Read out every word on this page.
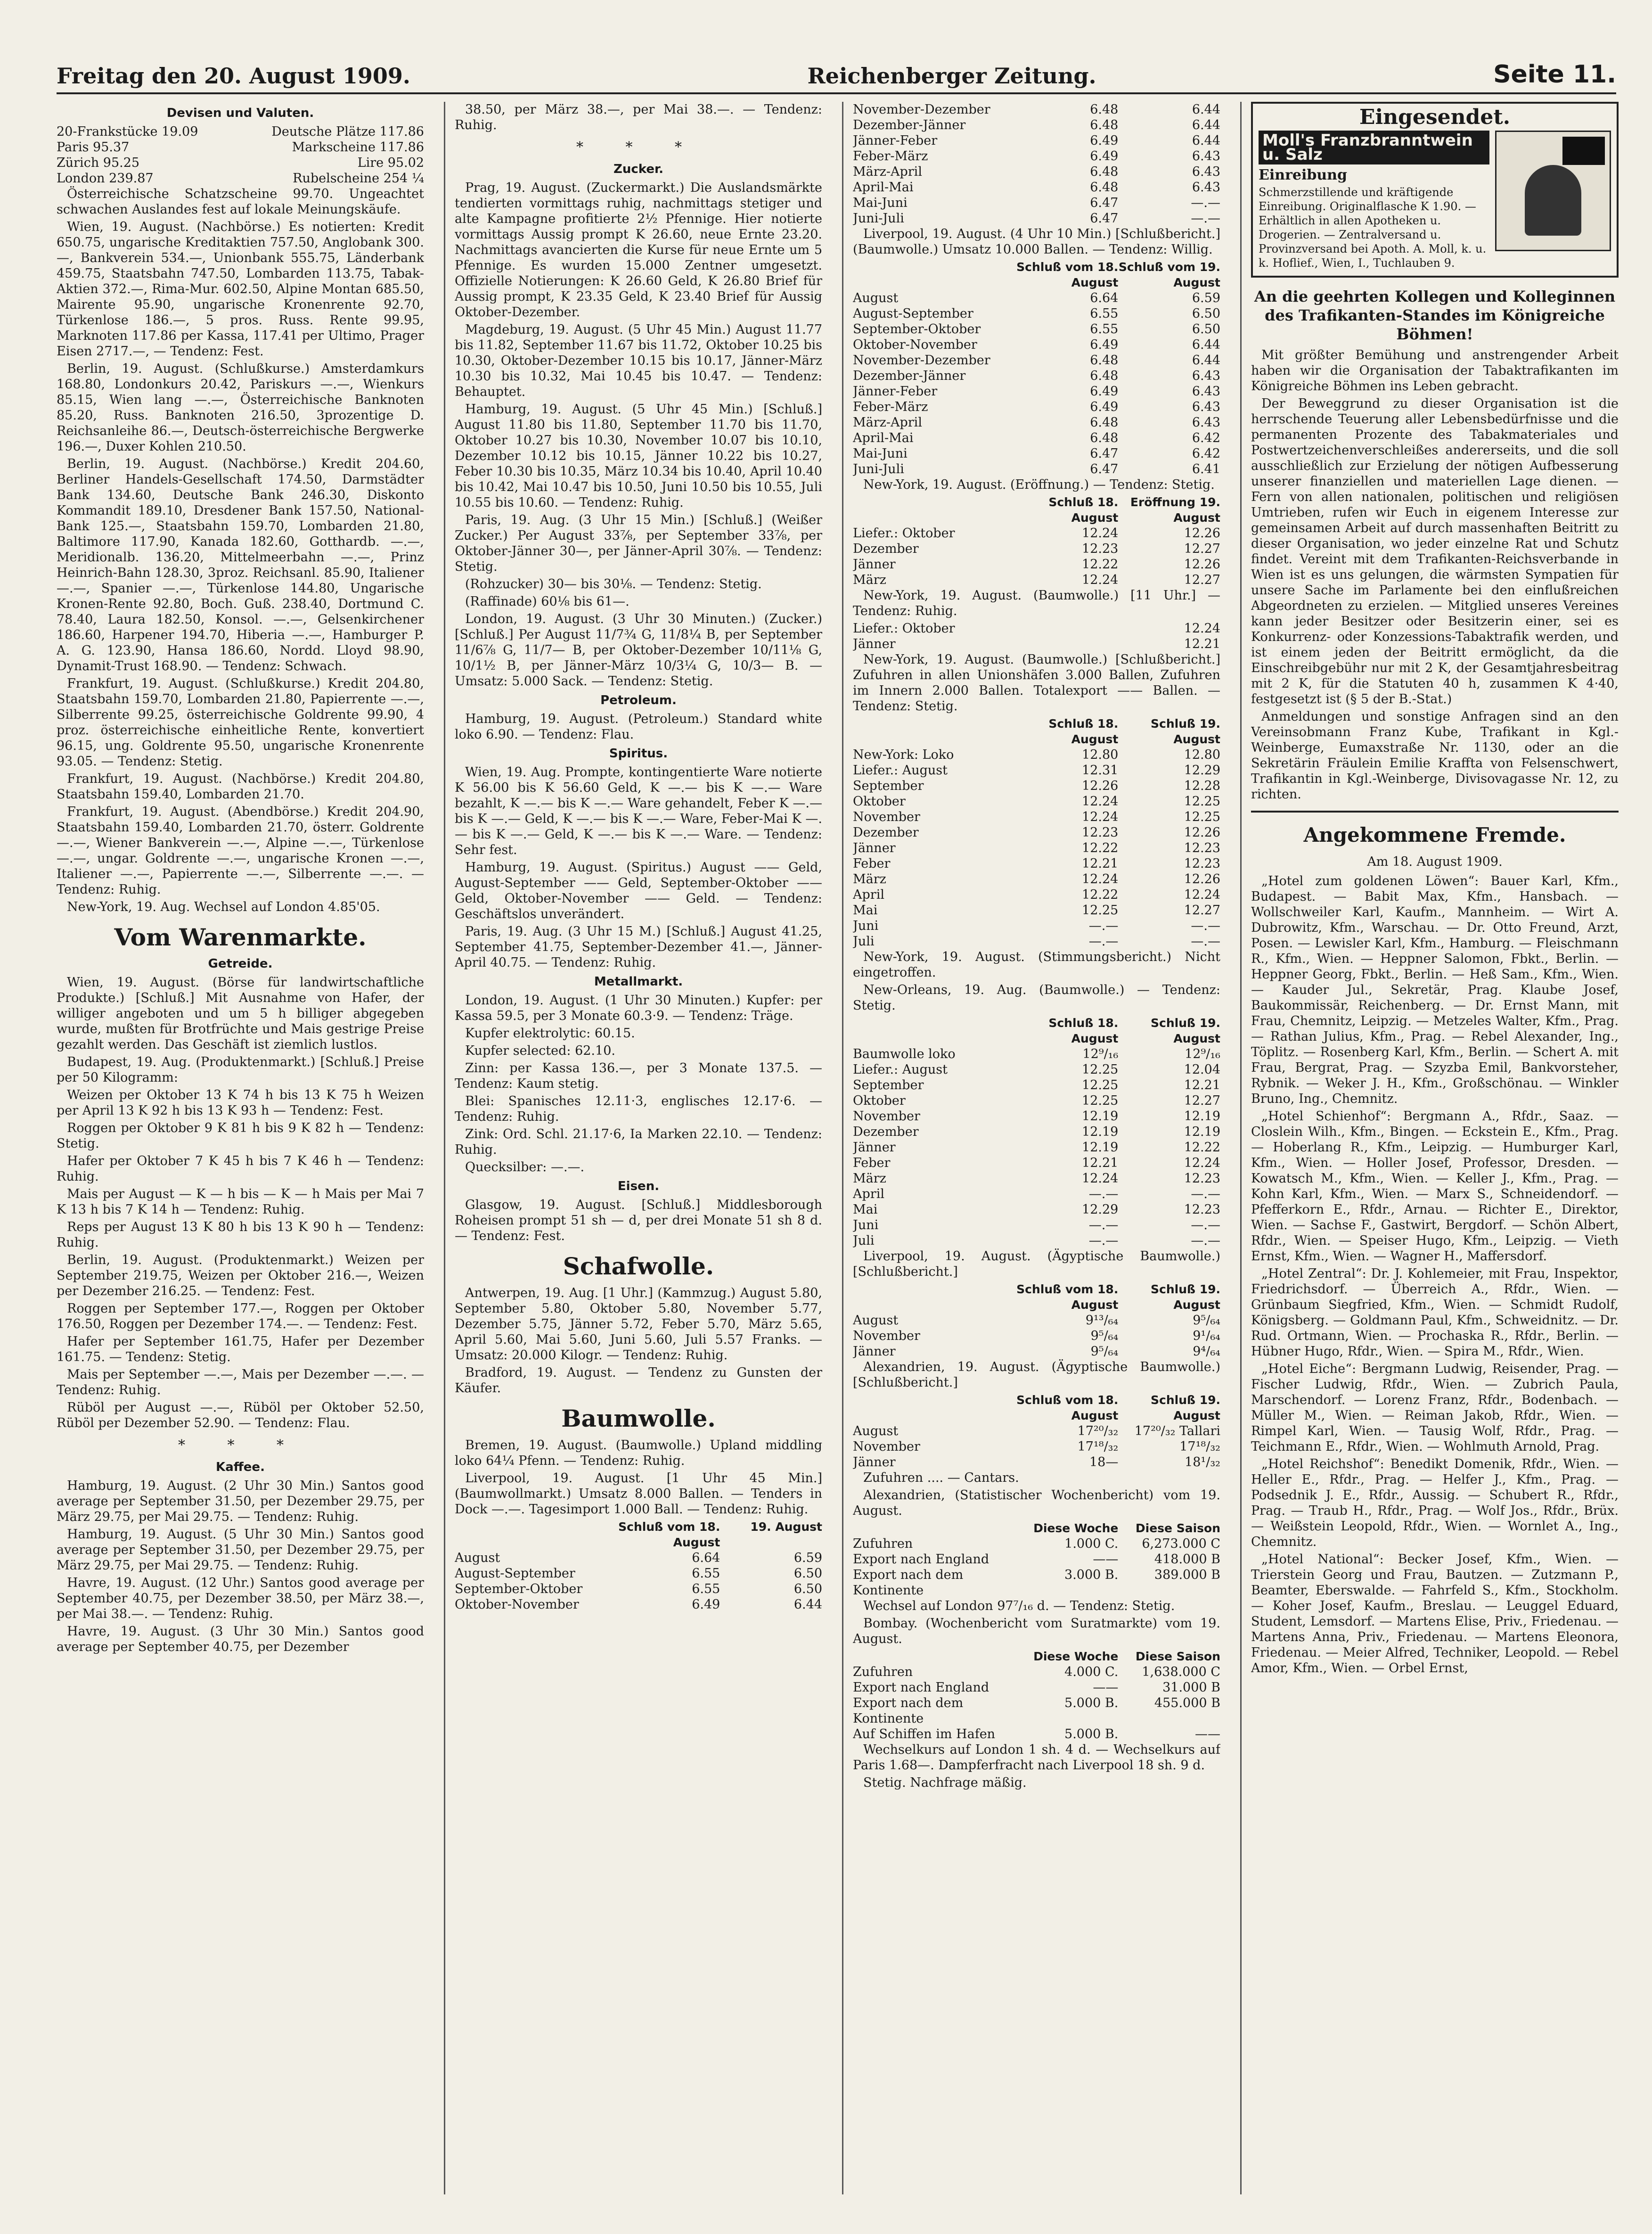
Freitag den 20. August 1909.	Reichenberger Zeitung.	Seite 11.
Devisen und Valuten.
20-Frankstücke 19.09	Deutsche Plätze 117.86
Paris 95.37	Markscheine 117.86
Zürich 95.25	Lire 95.02
London 239.87	Rubelscheine 254 ¼

Österreichische Schatzscheine 99.70. Ungeachtet schwachen Auslandes fest auf lokale Meinungskäufe.

Wien, 19. August. (Nachbörse.) Es notierten: Kredit 650.75, ungarische Kreditaktien 757.50, Anglobank 300.—, Bankverein 534.—, Unionbank 555.75, Länderbank 459.75, Staatsbahn 747.50, Lombarden 113.75, Tabak-Aktien 372.—, Rima-Mur. 602.50, Alpine Montan 685.50, Mairente 95.90, ungarische Kronenrente 92.70, Türkenlose 186.—, 5 pros. Russ. Rente 99.95, Marknoten 117.86 per Kassa, 117.41 per Ultimo, Prager Eisen 2717.—, — Tendenz: Fest.

Berlin, 19. August. (Schlußkurse.) Amsterdamkurs 168.80, Londonkurs 20.42, Pariskurs —.—, Wienkurs 85.15, Wien lang —.—, Österreichische Banknoten 85.20, Russ. Banknoten 216.50, 3prozentige D. Reichsanleihe 86.—, Deutsch-österreichische Bergwerke 196.—, Duxer Kohlen 210.50.

Berlin, 19. August. (Nachbörse.) Kredit 204.60, Berliner Handels-Gesellschaft 174.50, Darmstädter Bank 134.60, Deutsche Bank 246.30, Diskonto Kommandit 189.10, Dresdener Bank 157.50, National-Bank 125.—, Staatsbahn 159.70, Lombarden 21.80, Baltimore 117.90, Kanada 182.60, Gotthardb. —.—, Meridionalb. 136.20, Mittelmeerbahn —.—, Prinz Heinrich-Bahn 128.30, 3proz. Reichsanl. 85.90, Italiener —.—, Spanier —.—, Türkenlose 144.80, Ungarische Kronen-Rente 92.80, Boch. Guß. 238.40, Dortmund C. 78.40, Laura 182.50, Konsol. —.—, Gelsenkirchener 186.60, Harpener 194.70, Hiberia —.—, Hamburger P. A. G. 123.90, Hansa 186.60, Nordd. Lloyd 98.90, Dynamit-Trust 168.90. — Tendenz: Schwach.

Frankfurt, 19. August. (Schlußkurse.) Kredit 204.80, Staatsbahn 159.70, Lombarden 21.80, Papierrente —.—, Silberrente 99.25, österreichische Goldrente 99.90, 4 proz. österreichische einheitliche Rente, konvertiert 96.15, ung. Goldrente 95.50, ungarische Kronenrente 93.05. — Tendenz: Stetig.

Frankfurt, 19. August. (Nachbörse.) Kredit 204.80, Staatsbahn 159.40, Lombarden 21.70.

Frankfurt, 19. August. (Abendbörse.) Kredit 204.90, Staatsbahn 159.40, Lombarden 21.70, österr. Goldrente —.—, Wiener Bankverein —.—, Alpine —.—, Türkenlose —.—, ungar. Goldrente —.—, ungarische Kronen —.—, Italiener —.—, Papierrente —.—, Silberrente —.—. — Tendenz: Ruhig.

New-York, 19. Aug. Wechsel auf London 4.85'05.

Vom Warenmarkte.
Getreide.

Wien, 19. August. (Börse für landwirtschaftliche Produkte.) [Schluß.] Mit Ausnahme von Hafer, der williger angeboten und um 5 h billiger abgegeben wurde, mußten für Brotfrüchte und Mais gestrige Preise gezahlt werden. Das Geschäft ist ziemlich lustlos.

Budapest, 19. Aug. (Produktenmarkt.) [Schluß.] Preise per 50 Kilogramm:

Weizen per Oktober 13 K 74 h bis 13 K 75 h Weizen per April 13 K 92 h bis 13 K 93 h — Tendenz: Fest.

Roggen per Oktober 9 K 81 h bis 9 K 82 h — Tendenz: Stetig.

Hafer per Oktober 7 K 45 h bis 7 K 46 h — Tendenz: Ruhig.

Mais per August — K — h bis — K — h Mais per Mai 7 K 13 h bis 7 K 14 h — Tendenz: Ruhig.

Reps per August 13 K 80 h bis 13 K 90 h — Tendenz: Ruhig.

Berlin, 19. August. (Produktenmarkt.) Weizen per September 219.75, Weizen per Oktober 216.—, Weizen per Dezember 216.25. — Tendenz: Fest.

Roggen per September 177.—, Roggen per Oktober 176.50, Roggen per Dezember 174.—. — Tendenz: Fest.

Hafer per September 161.75, Hafer per Dezember 161.75. — Tendenz: Stetig.

Mais per September —.—, Mais per Dezember —.—. — Tendenz: Ruhig.

Rüböl per August —.—, Rüböl per Oktober 52.50, Rüböl per Dezember 52.90. — Tendenz: Flau.

* * *
Kaffee.

Hamburg, 19. August. (2 Uhr 30 Min.) Santos good average per September 31.50, per Dezember 29.75, per März 29.75, per Mai 29.75. — Tendenz: Ruhig.

Hamburg, 19. August. (5 Uhr 30 Min.) Santos good average per September 31.50, per Dezember 29.75, per März 29.75, per Mai 29.75. — Tendenz: Ruhig.

Havre, 19. August. (12 Uhr.) Santos good average per September 40.75, per Dezember 38.50, per März 38.—, per Mai 38.—. — Tendenz: Ruhig.

Havre, 19. August. (3 Uhr 30 Min.) Santos good average per September 40.75, per Dezember

38.50, per März 38.—, per Mai 38.—. — Tendenz: Ruhig.

* * *
Zucker.

Prag, 19. August. (Zuckermarkt.) Die Auslandsmärkte tendierten vormittags ruhig, nachmittags stetiger und alte Kampagne profitierte 2½ Pfennige. Hier notierte vormittags Aussig prompt K 26.60, neue Ernte 23.20. Nachmittags avancierten die Kurse für neue Ernte um 5 Pfennige. Es wurden 15.000 Zentner umgesetzt. Offizielle Notierungen: K 26.60 Geld, K 26.80 Brief für Aussig prompt, K 23.35 Geld, K 23.40 Brief für Aussig Oktober-Dezember.

Magdeburg, 19. August. (5 Uhr 45 Min.) August 11.77 bis 11.82, September 11.67 bis 11.72, Oktober 10.25 bis 10.30, Oktober-Dezember 10.15 bis 10.17, Jänner-März 10.30 bis 10.32, Mai 10.45 bis 10.47. — Tendenz: Behauptet.

Hamburg, 19. August. (5 Uhr 45 Min.) [Schluß.] August 11.80 bis 11.80, September 11.70 bis 11.70, Oktober 10.27 bis 10.30, November 10.07 bis 10.10, Dezember 10.12 bis 10.15, Jänner 10.22 bis 10.27, Feber 10.30 bis 10.35, März 10.34 bis 10.40, April 10.40 bis 10.42, Mai 10.47 bis 10.50, Juni 10.50 bis 10.55, Juli 10.55 bis 10.60. — Tendenz: Ruhig.

Paris, 19. Aug. (3 Uhr 15 Min.) [Schluß.] (Weißer Zucker.) Per August 33⅞, per September 33⅞, per Oktober-Jänner 30—, per Jänner-April 30⅞. — Tendenz: Stetig.

(Rohzucker) 30— bis 30⅛. — Tendenz: Stetig.

(Raffinade) 60⅛ bis 61—.

London, 19. August. (3 Uhr 30 Minuten.) (Zucker.) [Schluß.] Per August 11/7¾ G, 11/8¼ B, per September 11/6⅞ G, 11/7— B, per Oktober-Dezember 10/11⅛ G, 10/1½ B, per Jänner-März 10/3¼ G, 10/3— B. — Umsatz: 5.000 Sack. — Tendenz: Stetig.

Petroleum.

Hamburg, 19. August. (Petroleum.) Standard white loko 6.90. — Tendenz: Flau.

Spiritus.

Wien, 19. Aug. Prompte, kontingentierte Ware notierte K 56.00 bis K 56.60 Geld, K —.— bis K —.— Ware bezahlt, K —.— bis K —.— Ware gehandelt, Feber K —.— bis K —.— Geld, K —.— bis K —.— Ware, Feber-Mai K —.— bis K —.— Geld, K —.— bis K —.— Ware. — Tendenz: Sehr fest.

Hamburg, 19. August. (Spiritus.) August —— Geld, August-September —— Geld, September-Oktober —— Geld, Oktober-November —— Geld. — Tendenz: Geschäftslos unverändert.

Paris, 19. Aug. (3 Uhr 15 M.) [Schluß.] August 41.25, September 41.75, September-Dezember 41.—, Jänner-April 40.75. — Tendenz: Ruhig.

Metallmarkt.

London, 19. August. (1 Uhr 30 Minuten.) Kupfer: per Kassa 59.5, per 3 Monate 60.3·9. — Tendenz: Träge.

Kupfer elektrolytic: 60.15.

Kupfer selected: 62.10.

Zinn: per Kassa 136.—, per 3 Monate 137.5. — Tendenz: Kaum stetig.

Blei: Spanisches 12.11·3, englisches 12.17·6. — Tendenz: Ruhig.

Zink: Ord. Schl. 21.17·6, Ia Marken 22.10. — Tendenz: Ruhig.

Quecksilber: —.—.

Eisen.

Glasgow, 19. August. [Schluß.] Middlesborough Roheisen prompt 51 sh — d, per drei Monate 51 sh 8 d. — Tendenz: Fest.

Schafwolle.

Antwerpen, 19. Aug. [1 Uhr.] (Kammzug.) August 5.80, September 5.80, Oktober 5.80, November 5.77, Dezember 5.75, Jänner 5.72, Feber 5.70, März 5.65, April 5.60, Mai 5.60, Juni 5.60, Juli 5.57 Franks. — Umsatz: 20.000 Kilogr. — Tendenz: Ruhig.

Bradford, 19. August. — Tendenz zu Gunsten der Käufer.

Baumwolle.

Bremen, 19. August. (Baumwolle.) Upland middling loko 64¼ Pfenn. — Tendenz: Ruhig.

Liverpool, 19. August. [1 Uhr 45 Min.] (Baumwollmarkt.) Umsatz 8.000 Ballen. — Tenders in Dock —.—. Tagesimport 1.000 Ball. — Tendenz: Ruhig.

Schluß vom 18. August
19. August
August	6.64	6.59
August-September	6.55	6.50
September-Oktober	6.55	6.50
Oktober-November	6.49	6.44
November-Dezember	6.48	6.44
Dezember-Jänner	6.48	6.44
Jänner-Feber	6.49	6.44
Feber-März	6.49	6.43
März-April	6.48	6.43
April-Mai	6.48	6.43
Mai-Juni	6.47	—.—
Juni-Juli	6.47	—.—

Liverpool, 19. August. (4 Uhr 10 Min.) [Schlußbericht.] (Baumwolle.) Umsatz 10.000 Ballen. — Tendenz: Willig.

Schluß vom 18. August
Schluß vom 19. August
August	6.64	6.59
August-September	6.55	6.50
September-Oktober	6.55	6.50
Oktober-November	6.49	6.44
November-Dezember	6.48	6.44
Dezember-Jänner	6.48	6.43
Jänner-Feber	6.49	6.43
Feber-März	6.49	6.43
März-April	6.48	6.43
April-Mai	6.48	6.42
Mai-Juni	6.47	6.42
Juni-Juli	6.47	6.41

New-York, 19. August. (Eröffnung.) — Tendenz: Stetig.

Schluß 18. August
Eröffnung 19. August
Liefer.: Oktober	12.24	12.26
Dezember	12.23	12.27
Jänner	12.22	12.26
März	12.24	12.27

New-York, 19. August. (Baumwolle.) [11 Uhr.] — Tendenz: Ruhig.

Liefer.: Oktober	12.24
Jänner	12.21

New-York, 19. August. (Baumwolle.) [Schlußbericht.] Zufuhren in allen Unionshäfen 3.000 Ballen, Zufuhren im Innern 2.000 Ballen. Totalexport —— Ballen. — Tendenz: Stetig.

Schluß 18. August
Schluß 19. August
New-York: Loko	12.80	12.80
Liefer.: August	12.31	12.29
September	12.26	12.28
Oktober	12.24	12.25
November	12.24	12.25
Dezember	12.23	12.26
Jänner	12.22	12.23
Feber	12.21	12.23
März	12.24	12.26
April	12.22	12.24
Mai	12.25	12.27
Juni	—.—	—.—
Juli	—.—	—.—

New-York, 19. August. (Stimmungsbericht.) Nicht eingetroffen.

New-Orleans, 19. Aug. (Baumwolle.) — Tendenz: Stetig.

Schluß 18. August
Schluß 19. August
Baumwolle loko	12⁹/₁₆	12⁹/₁₆
Liefer.: August	12.25	12.04
September	12.25	12.21
Oktober	12.25	12.27
November	12.19	12.19
Dezember	12.19	12.19
Jänner	12.19	12.22
Feber	12.21	12.24
März	12.24	12.23
April	—.—	—.—
Mai	12.29	12.23
Juni	—.—	—.—
Juli	—.—	—.—

Liverpool, 19. August. (Ägyptische Baumwolle.) [Schlußbericht.]

Schluß vom 18. August
Schluß 19. August
August	9¹³/₆₄	9⁵/₆₄
November	9⁵/₆₄	9¹/₆₄
Jänner	9⁵/₆₄	9⁴/₆₄

Alexandrien, 19. August. (Ägyptische Baumwolle.) [Schlußbericht.]

Schluß vom 18. August
Schluß 19. August
August	17²⁰/₃₂	17²⁰/₃₂ Tallari
November	17¹⁸/₃₂	17¹⁸/₃₂
Jänner	18—	18¹/₃₂

Zufuhren .... — Cantars.

Alexandrien, (Statistischer Wochenbericht) vom 19. August.

Diese Woche	Diese Saison
Zufuhren	1.000 C.	6,273.000 C
Export nach England	——	418.000 B
Export nach dem Kontinente
3.000 B.	389.000 B

Wechsel auf London 97⁷/₁₆ d. — Tendenz: Stetig.

Bombay. (Wochenbericht vom Suratmarkte) vom 19. August.

Diese Woche	Diese Saison
Zufuhren	4.000 C.	1,638.000 C
Export nach England	——	31.000 B
Export nach dem Kontinente
5.000 B.	455.000 B
Auf Schiffen im Hafen	5.000 B.	——

Wechselkurs auf London 1 sh. 4 d. — Wechselkurs auf Paris 1.68—. Dampferfracht nach Liverpool 18 sh. 9 d.

Stetig. Nachfrage mäßig.

Eingesendet.
Moll's Franzbranntwein u. Salz
Einreibung
Schmerzstillende und kräftigende Einreibung. Originalflasche K 1.90. — Erhältlich in allen Apotheken u. Drogerien. — Zentralversand u. Provinzversand bei Apoth. A. Moll, k. u. k. Hoflief., Wien, I., Tuchlauben 9.
An die geehrten Kollegen und Kolleginnen des Trafikanten-Standes im Königreiche Böhmen!

Mit größter Bemühung und anstrengender Arbeit haben wir die Organisation der Tabaktrafikanten im Königreiche Böhmen ins Leben gebracht.

Der Beweggrund zu dieser Organisation ist die herrschende Teuerung aller Lebensbedürfnisse und die permanenten Prozente des Tabakmateriales und Postwertzeichenverschleißes andererseits, und die soll ausschließlich zur Erzielung der nötigen Aufbesserung unserer finanziellen und materiellen Lage dienen. — Fern von allen nationalen, politischen und religiösen Umtrieben, rufen wir Euch in eigenem Interesse zur gemeinsamen Arbeit auf durch massenhaften Beitritt zu dieser Organisation, wo jeder einzelne Rat und Schutz findet. Vereint mit dem Trafikanten-Reichsverbande in Wien ist es uns gelungen, die wärmsten Sympatien für unsere Sache im Parlamente bei den einflußreichen Abgeordneten zu erzielen. — Mitglied unseres Vereines kann jeder Besitzer oder Besitzerin einer, sei es Konkurrenz- oder Konzessions-Tabaktrafik werden, und ist einem jeden der Beitritt ermöglicht, da die Einschreibgebühr nur mit 2 K, der Gesamtjahresbeitrag mit 2 K, für die Statuten 40 h, zusammen K 4·40, festgesetzt ist (§ 5 der B.-Stat.)

Anmeldungen und sonstige Anfragen sind an den Vereinsobmann Franz Kube, Trafikant in Kgl.-Weinberge, Eumaxstraße Nr. 1130, oder an die Sekretärin Fräulein Emilie Kraffta von Felsenschwert, Trafikantin in Kgl.-Weinberge, Divisovagasse Nr. 12, zu richten.

Angekommene Fremde.
Am 18. August 1909.

„Hotel zum goldenen Löwen“: Bauer Karl, Kfm., Budapest. — Babit Max, Kfm., Hansbach. — Wollschweiler Karl, Kaufm., Mannheim. — Wirt A. Dubrowitz, Kfm., Warschau. — Dr. Otto Freund, Arzt, Posen. — Lewisler Karl, Kfm., Hamburg. — Fleischmann R., Kfm., Wien. — Heppner Salomon, Fbkt., Berlin. — Heppner Georg, Fbkt., Berlin. — Heß Sam., Kfm., Wien. — Kauder Jul., Sekretär, Prag. Klaube Josef, Baukommissär, Reichenberg. — Dr. Ernst Mann, mit Frau, Chemnitz, Leipzig. — Metzeles Walter, Kfm., Prag. — Rathan Julius, Kfm., Prag. — Rebel Alexander, Ing., Töplitz. — Rosenberg Karl, Kfm., Berlin. — Schert A. mit Frau, Bergrat, Prag. — Szyzba Emil, Bankvorsteher, Rybnik. — Weker J. H., Kfm., Großschönau. — Winkler Bruno, Ing., Chemnitz.

„Hotel Schienhof“: Bergmann A., Rfdr., Saaz. — Closlein Wilh., Kfm., Bingen. — Eckstein E., Kfm., Prag. — Hoberlang R., Kfm., Leipzig. — Humburger Karl, Kfm., Wien. — Holler Josef, Professor, Dresden. — Kowatsch M., Kfm., Wien. — Keller J., Kfm., Prag. — Kohn Karl, Kfm., Wien. — Marx S., Schneidendorf. — Pfefferkorn E., Rfdr., Arnau. — Richter E., Direktor, Wien. — Sachse F., Gastwirt, Bergdorf. — Schön Albert, Rfdr., Wien. — Speiser Hugo, Kfm., Leipzig. — Vieth Ernst, Kfm., Wien. — Wagner H., Maffersdorf.

„Hotel Zentral“: Dr. J. Kohlemeier, mit Frau, Inspektor, Friedrichsdorf. — Überreich A., Rfdr., Wien. — Grünbaum Siegfried, Kfm., Wien. — Schmidt Rudolf, Königsberg. — Goldmann Paul, Kfm., Schweidnitz. — Dr. Rud. Ortmann, Wien. — Prochaska R., Rfdr., Berlin. — Hübner Hugo, Rfdr., Wien. — Spira M., Rfdr., Wien.

„Hotel Eiche“: Bergmann Ludwig, Reisender, Prag. — Fischer Ludwig, Rfdr., Wien. — Zubrich Paula, Marschendorf. — Lorenz Franz, Rfdr., Bodenbach. — Müller M., Wien. — Reiman Jakob, Rfdr., Wien. — Rimpel Karl, Wien. — Tausig Wolf, Rfdr., Prag. — Teichmann E., Rfdr., Wien. — Wohlmuth Arnold, Prag.

„Hotel Reichshof“: Benedikt Domenik, Rfdr., Wien. — Heller E., Rfdr., Prag. — Helfer J., Kfm., Prag. — Podsednik J. E., Rfdr., Aussig. — Schubert R., Rfdr., Prag. — Traub H., Rfdr., Prag. — Wolf Jos., Rfdr., Brüx. — Weißstein Leopold, Rfdr., Wien. — Wornlet A., Ing., Chemnitz.

„Hotel National“: Becker Josef, Kfm., Wien. — Trierstein Georg und Frau, Bautzen. — Zutzmann P., Beamter, Eberswalde. — Fahrfeld S., Kfm., Stockholm. — Koher Josef, Kaufm., Breslau. — Leuggel Eduard, Student, Lemsdorf. — Martens Elise, Priv., Friedenau. — Martens Anna, Priv., Friedenau. — Martens Eleonora, Friedenau. — Meier Alfred, Techniker, Leopold. — Rebel Amor, Kfm., Wien. — Orbel Ernst,
